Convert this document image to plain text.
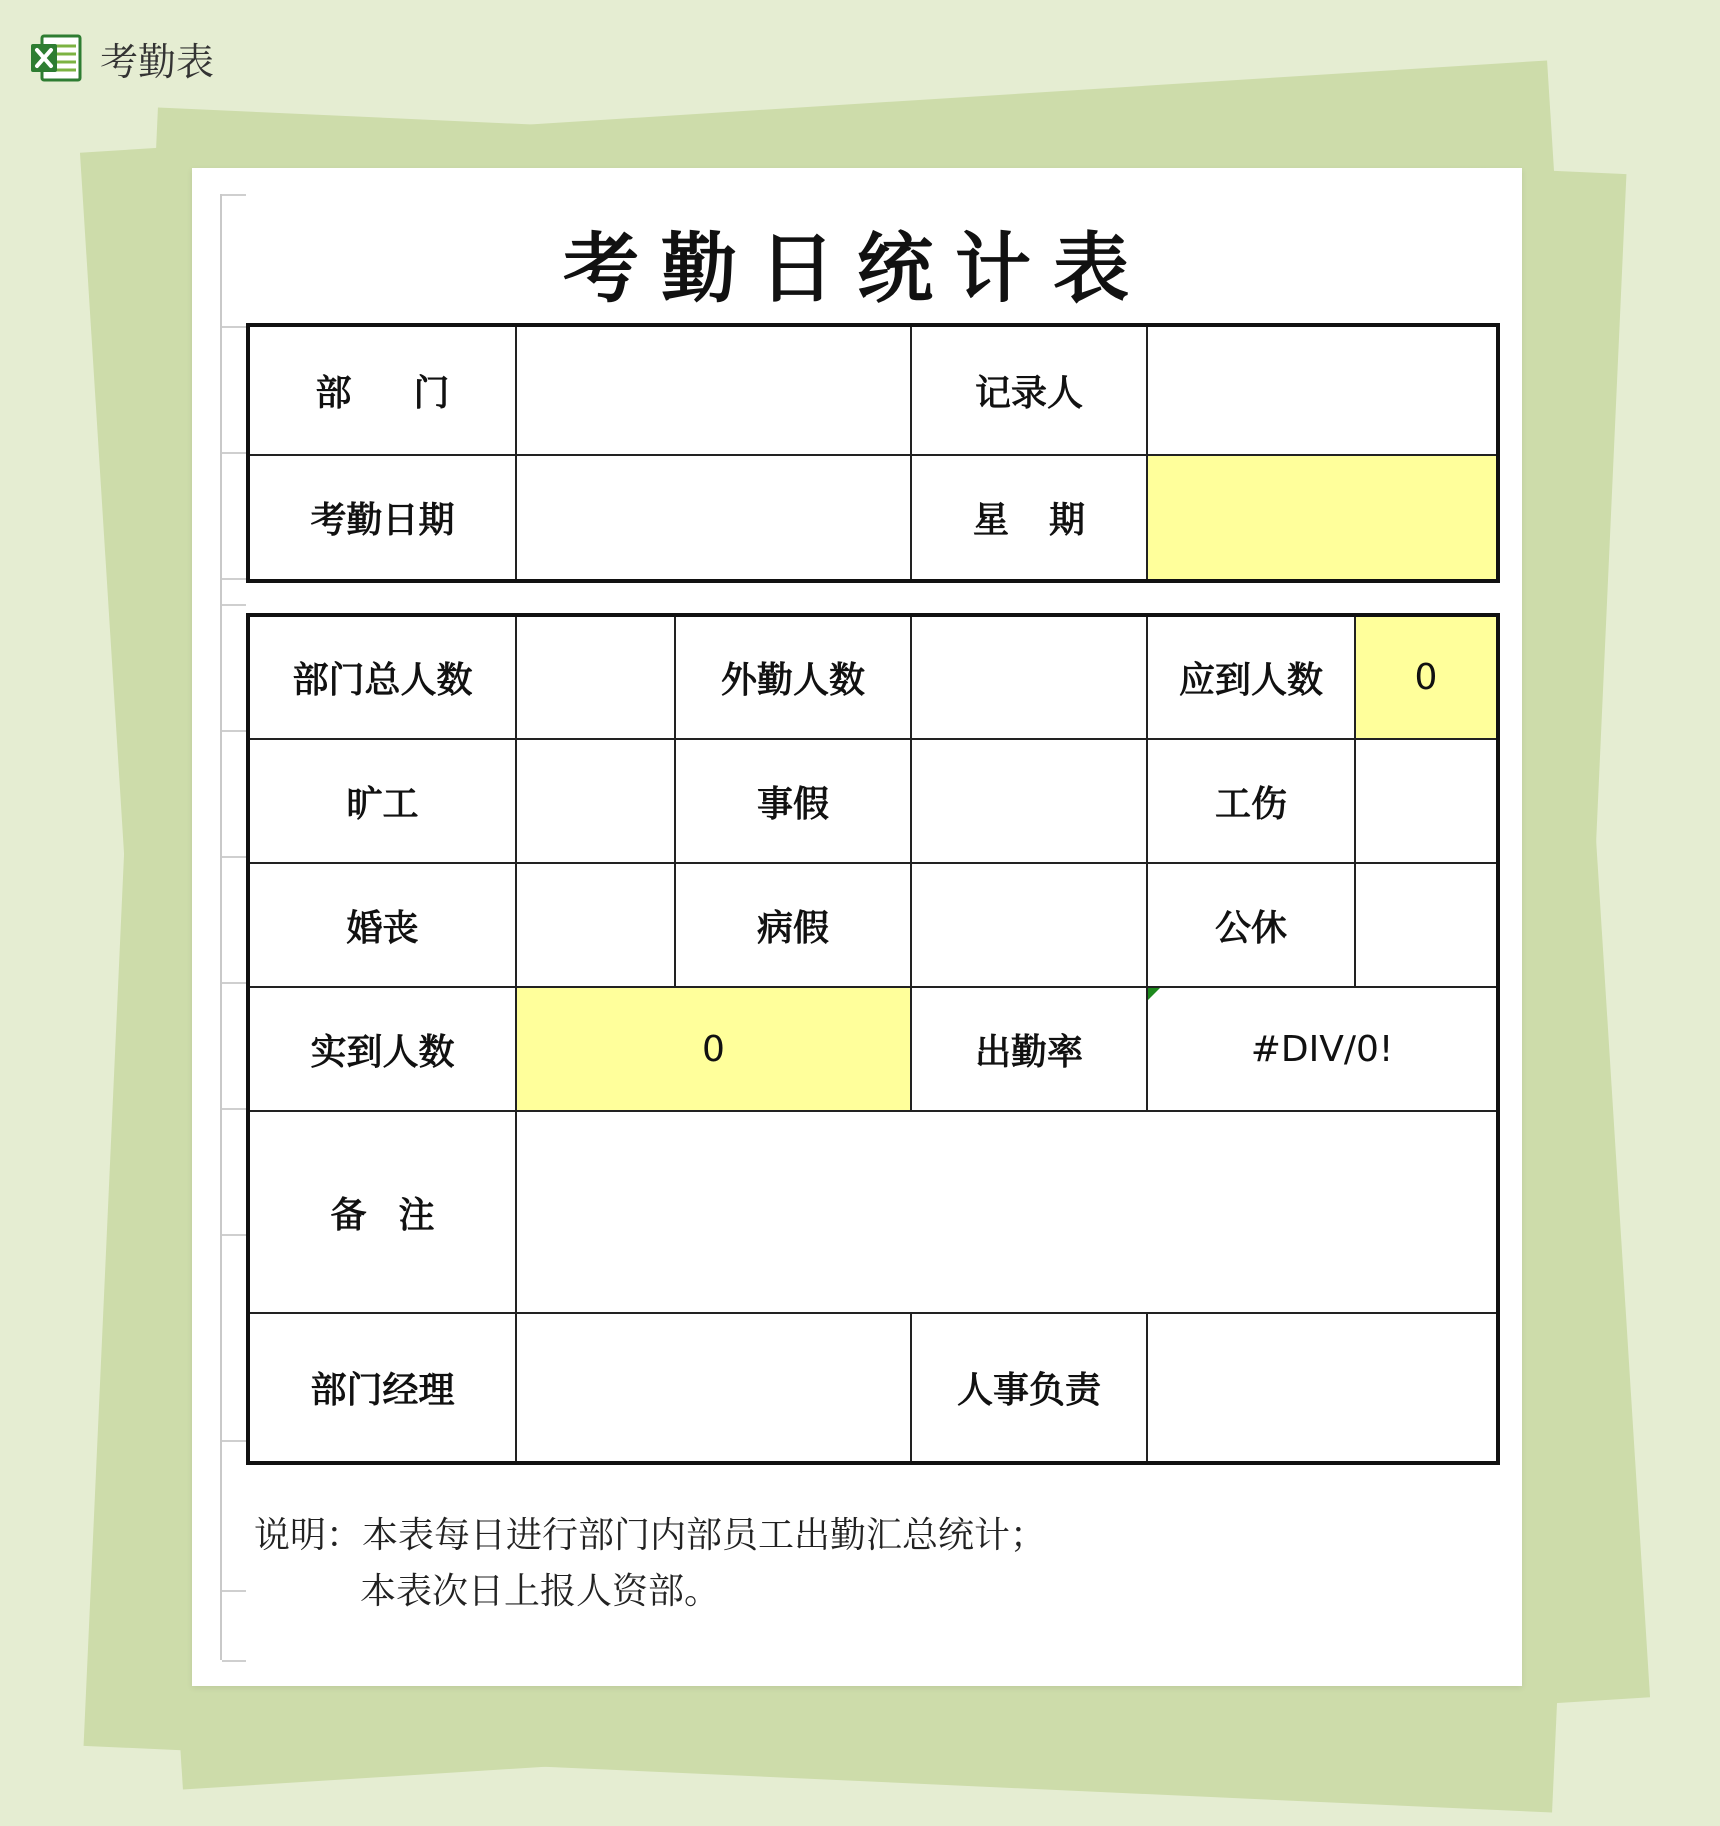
考勤表
考勤日统计表
部门		记录人	
考勤日期		星期	
部门总人数		外勤人数		应到人数	0
旷工		事假		工伤	
婚丧		病假		公休	
实到人数	0		出勤率	#DIV/0!	
备注					
部门经理			人事负责		
说明：本表每日进行部门内部员工出勤汇总统计；
本表次日上报人资部。
